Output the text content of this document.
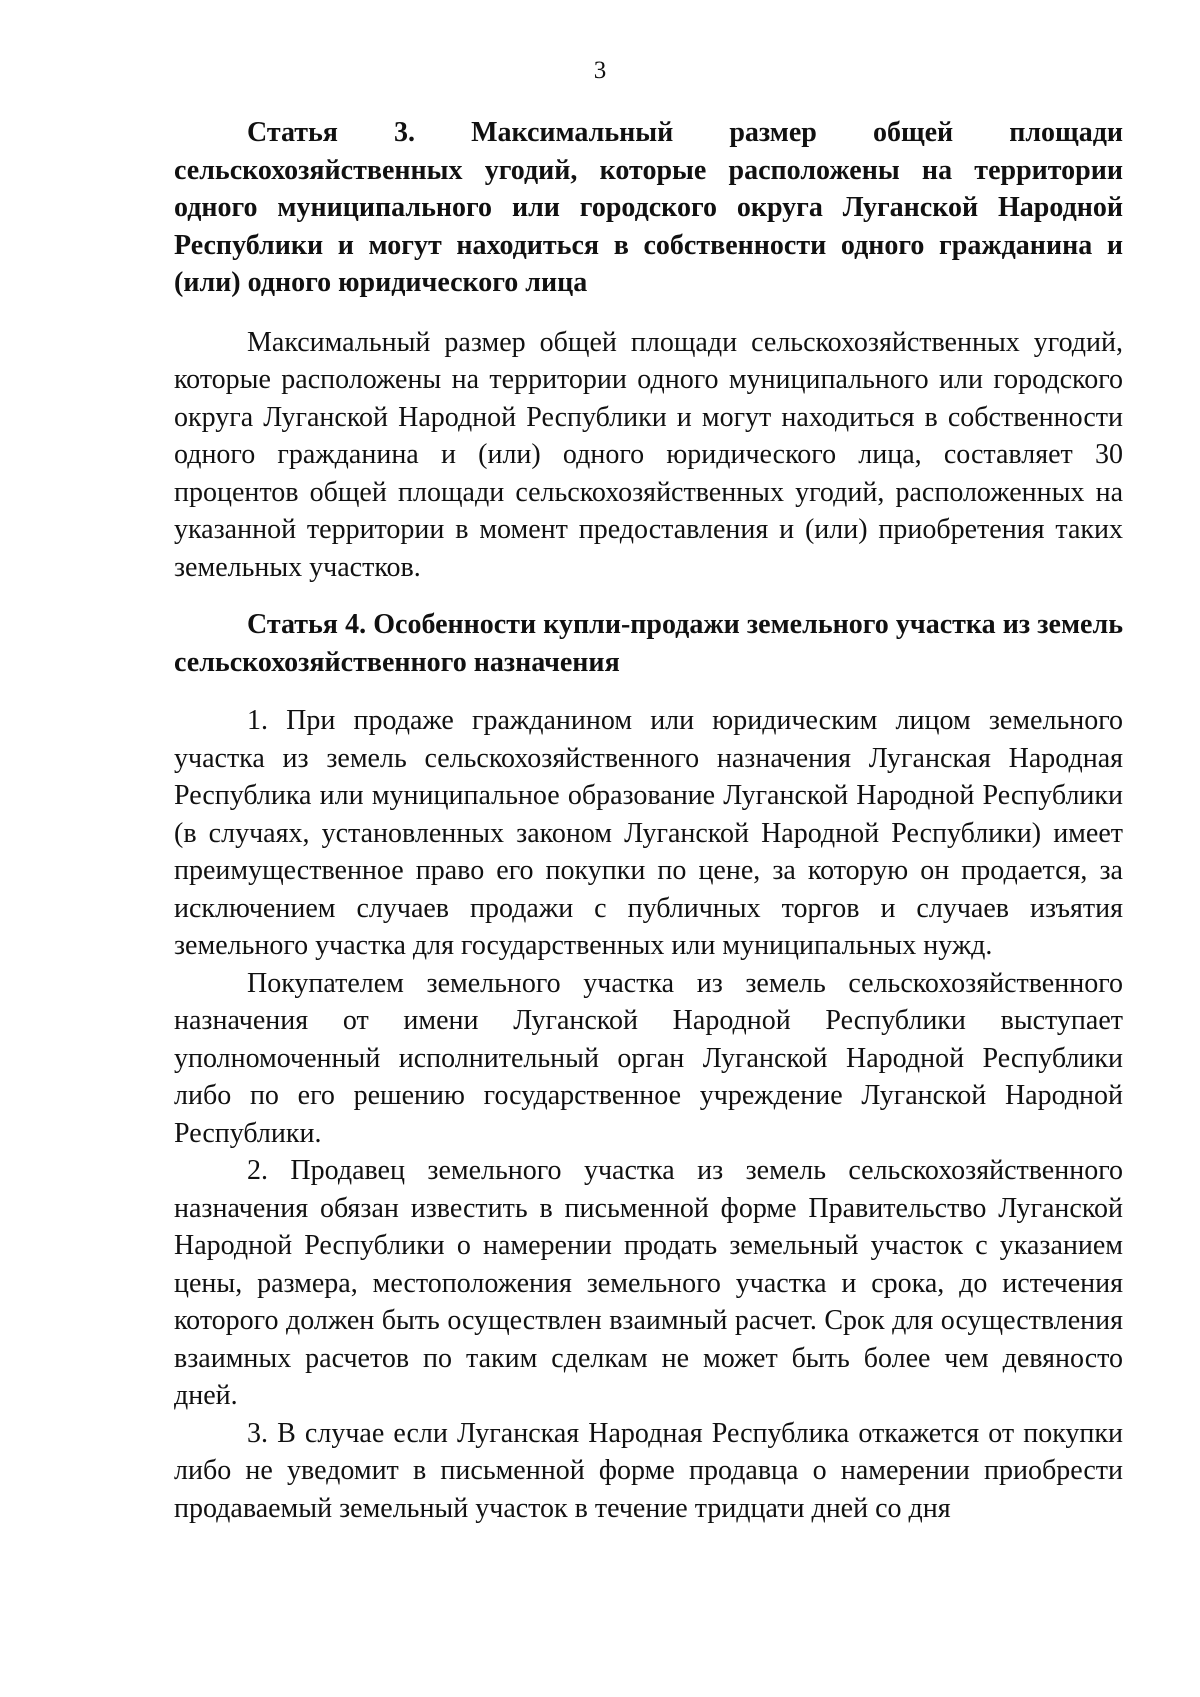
3

Статья 3. Максимальный размер общей площади сельскохозяйственных угодий, которые расположены на территории одного муниципального или городского округа Луганской Народной Республики и могут находиться в собственности одного гражданина и (или) одного юридического лица

Максимальный размер общей площади сельскохозяйственных угодий, которые расположены на территории одного муниципального или городского округа Луганской Народной Республики и могут находиться в собственности одного гражданина и (или) одного юридического лица, составляет 30 процентов общей площади сельскохозяйственных угодий, расположенных на указанной территории в момент предоставления и (или) приобретения таких земельных участков.

Статья 4. Особенности купли-продажи земельного участка из земель сельскохозяйственного назначения

1. При продаже гражданином или юридическим лицом земельного участка из земель сельскохозяйственного назначения Луганская Народная Республика или муниципальное образование Луганской Народной Республики (в случаях, установленных законом Луганской Народной Республики) имеет преимущественное право его покупки по цене, за которую он продается, за исключением случаев продажи с публичных торгов и случаев изъятия земельного участка для государственных или муниципальных нужд.

Покупателем земельного участка из земель сельскохозяйственного назначения от имени Луганской Народной Республики выступает уполномоченный исполнительный орган Луганской Народной Республики либо по его решению государственное учреждение Луганской Народной Республики.

2. Продавец земельного участка из земель сельскохозяйственного назначения обязан известить в письменной форме Правительство Луганской Народной Республики о намерении продать земельный участок с указанием цены, размера, местоположения земельного участка и срока, до истечения которого должен быть осуществлен взаимный расчет. Срок для осуществления взаимных расчетов по таким сделкам не может быть более чем девяносто дней.

3. В случае если Луганская Народная Республика откажется от покупки либо не уведомит в письменной форме продавца о намерении приобрести продаваемый земельный участок в течение тридцати дней со дня
